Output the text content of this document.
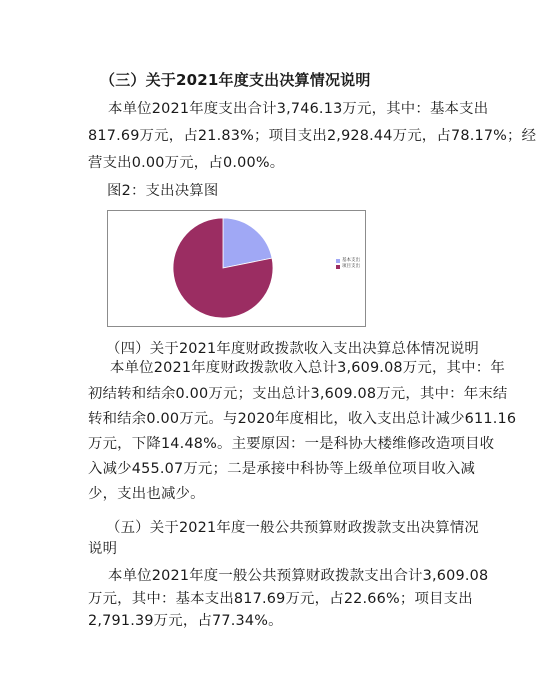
（三）关于2021年度支出决算情况说明
本单位2021年度支出合计3,746.13万元，其中：基本支出
817.69万元，占21.83%；项目支出2,928.44万元，占78.17%；经
营支出0.00万元，占0.00%。
图2：支出决算图
基本支出
项目支出
（四）关于2021年度财政拨款收入支出决算总体情况说明
本单位2021年度财政拨款收入总计3,609.08万元，其中：年
初结转和结余0.00万元；支出总计3,609.08万元，其中：年末结
转和结余0.00万元。与2020年度相比，收入支出总计减少611.16
万元，下降14.48%。主要原因：一是科协大楼维修改造项目收
入减少455.07万元；二是承接中科协等上级单位项目收入减
少，支出也减少。
（五）关于2021年度一般公共预算财政拨款支出决算情况
说明
本单位2021年度一般公共预算财政拨款支出合计3,609.08
万元，其中：基本支出817.69万元，占22.66%；项目支出
2,791.39万元，占77.34%。
